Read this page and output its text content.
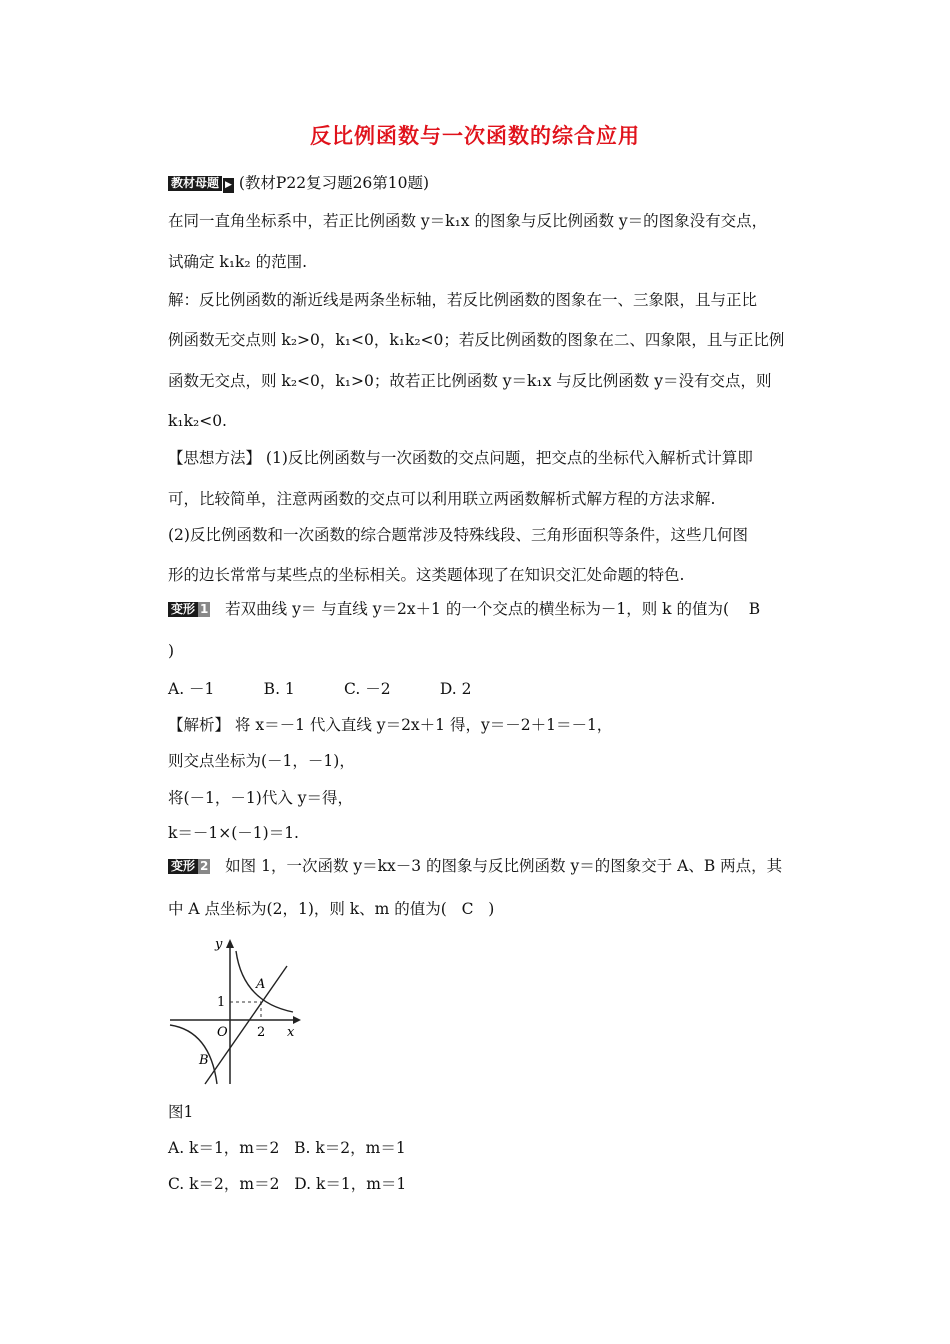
反比例函数与一次函数的综合应用
教材母题 ▶ (教材P22复习题26第10题)
在同一直角坐标系中，若正比例函数 y＝k₁x 的图象与反比例函数 y＝的图象没有交点，
试确定 k₁k₂ 的范围.
解：反比例函数的渐近线是两条坐标轴，若反比例函数的图象在一、三象限，且与正比
例函数无交点则 k₂>0，k₁<0，k₁k₂<0；若反比例函数的图象在二、四象限，且与正比例
函数无交点，则 k₂<0，k₁>0；故若正比例函数 y＝k₁x 与反比例函数 y＝没有交点，则
k₁k₂<0.
【思想方法】 (1)反比例函数与一次函数的交点问题，把交点的坐标代入解析式计算即
可，比较简单，注意两函数的交点可以利用联立两函数解析式解方程的方法求解.
(2)反比例函数和一次函数的综合题常涉及特殊线段、三角形面积等条件，这些几何图
形的边长常常与某些点的坐标相关。这类题体现了在知识交汇处命题的特色.
变形 1 若双曲线 y＝ 与直线 y＝2x＋1 的一个交点的横坐标为－1，则 k 的值为( B
)
A. －1          B. 1          C. －2          D. 2
【解析】 将 x＝－1 代入直线 y＝2x＋1 得，y＝－2＋1＝－1，
则交点坐标为(－1，－1)，
将(－1，－1)代入 y＝得，
k＝－1×(－1)＝1.
变形 2 如图 1，一次函数 y＝kx－3 的图象与反比例函数 y＝的图象交于 A、B 两点，其
中 A 点坐标为(2，1)，则 k、m 的值为(   C   )
y
x
O
1
2
A
B
图1
A. k＝1，m＝2   B. k＝2，m＝1
C. k＝2，m＝2   D. k＝1，m＝1
